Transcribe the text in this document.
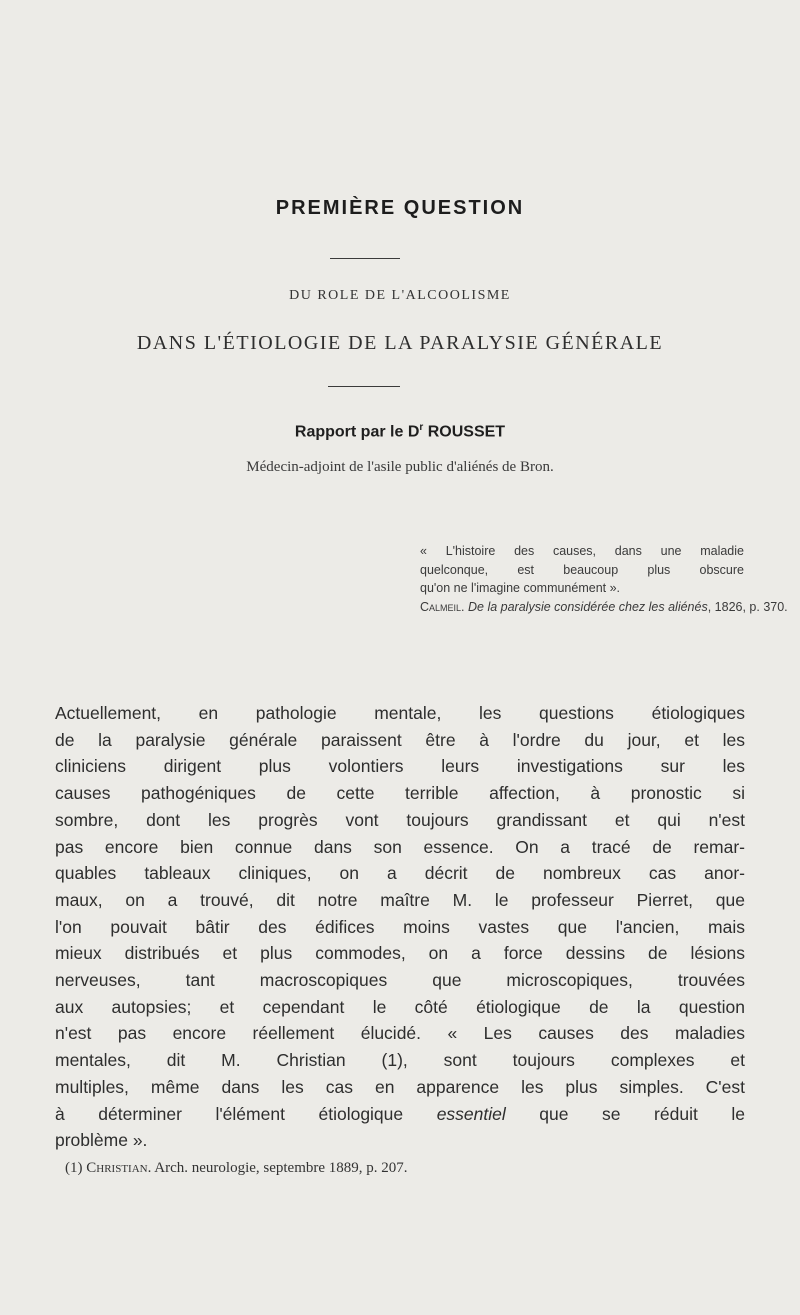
PREMIÈRE QUESTION
DU ROLE DE L'ALCOOLISME
DANS L'ÉTIOLOGIE DE LA PARALYSIE GÉNÉRALE
Rapport par le $D^r$ ROUSSET
Médecin-adjoint de l'asile public d'aliénés de Bron.
« L'histoire des causes, dans une maladie
quelconque, est beaucoup plus obscure
qu'on ne l'imagine communément ».
Calmeil. De la paralysie considérée chez les aliénés, 1826, p. 370.
Actuellement, en pathologie mentale, les questions étiologiques
de la paralysie générale paraissent être à l'ordre du jour, et les
cliniciens dirigent plus volontiers leurs investigations sur les
causes pathogéniques de cette terrible affection, à pronostic si
sombre, dont les progrès vont toujours grandissant et qui n'est
pas encore bien connue dans son essence. On a tracé de remar-
quables tableaux cliniques, on a décrit de nombreux cas anor-
maux, on a trouvé, dit notre maître M. le professeur Pierret, que
l'on pouvait bâtir des édifices moins vastes que l'ancien, mais
mieux distribués et plus commodes, on a force dessins de lésions
nerveuses, tant macroscopiques que microscopiques, trouvées
aux autopsies; et cependant le côté étiologique de la question
n'est pas encore réellement élucidé. « Les causes des maladies
mentales, dit M. Christian (1), sont toujours complexes et
multiples, même dans les cas en apparence les plus simples. C'est
à déterminer l'élément étiologique essentiel que se réduit le
problème ».
(1) Christian. Arch. neurologie, septembre 1889, p. 207.
